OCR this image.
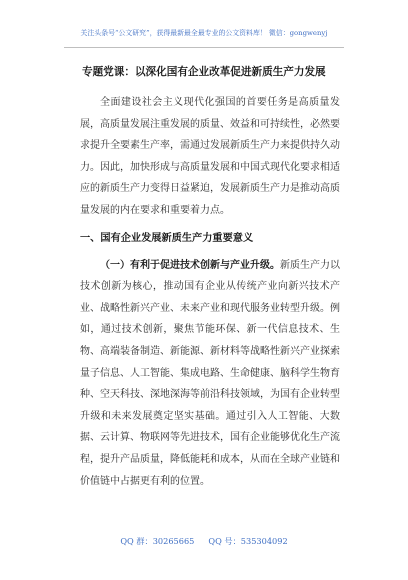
关注头条号“公文研究”，获得最新最全最专业的公文资料库！ 微信：gongwenyj
专题党课：以深化国有企业改革促进新质生产力发展

全面建设社会主义现代化强国的首要任务是高质量发展，高质量发展注重发展的质量、效益和可持续性，必然要求提升全要素生产率，需通过发展新质生产力来提供持久动力。因此，加快形成与高质量发展和中国式现代化要求相适应的新质生产力变得日益紧迫，发展新质生产力是推动高质量发展的内在要求和重要着力点。

一、国有企业发展新质生产力重要意义

（一）有利于促进技术创新与产业升级。新质生产力以技术创新为核心，推动国有企业从传统产业向新兴技术产业、战略性新兴产业、未来产业和现代服务业转型升级。例如，通过技术创新，聚焦节能环保、新一代信息技术、生物、高端装备制造、新能源、新材料等战略性新兴产业探索量子信息、人工智能、集成电路、生命健康、脑科学生物育种、空天科技、深地深海等前沿科技领域，为国有企业转型升级和未来发展奠定坚实基础。通过引入人工智能、大数据、云计算、物联网等先进技术，国有企业能够优化生产流程，提升产品质量，降低能耗和成本，从而在全球产业链和价值链中占据更有利的位置。

QQ 群：30265665 QQ 号：535304092
